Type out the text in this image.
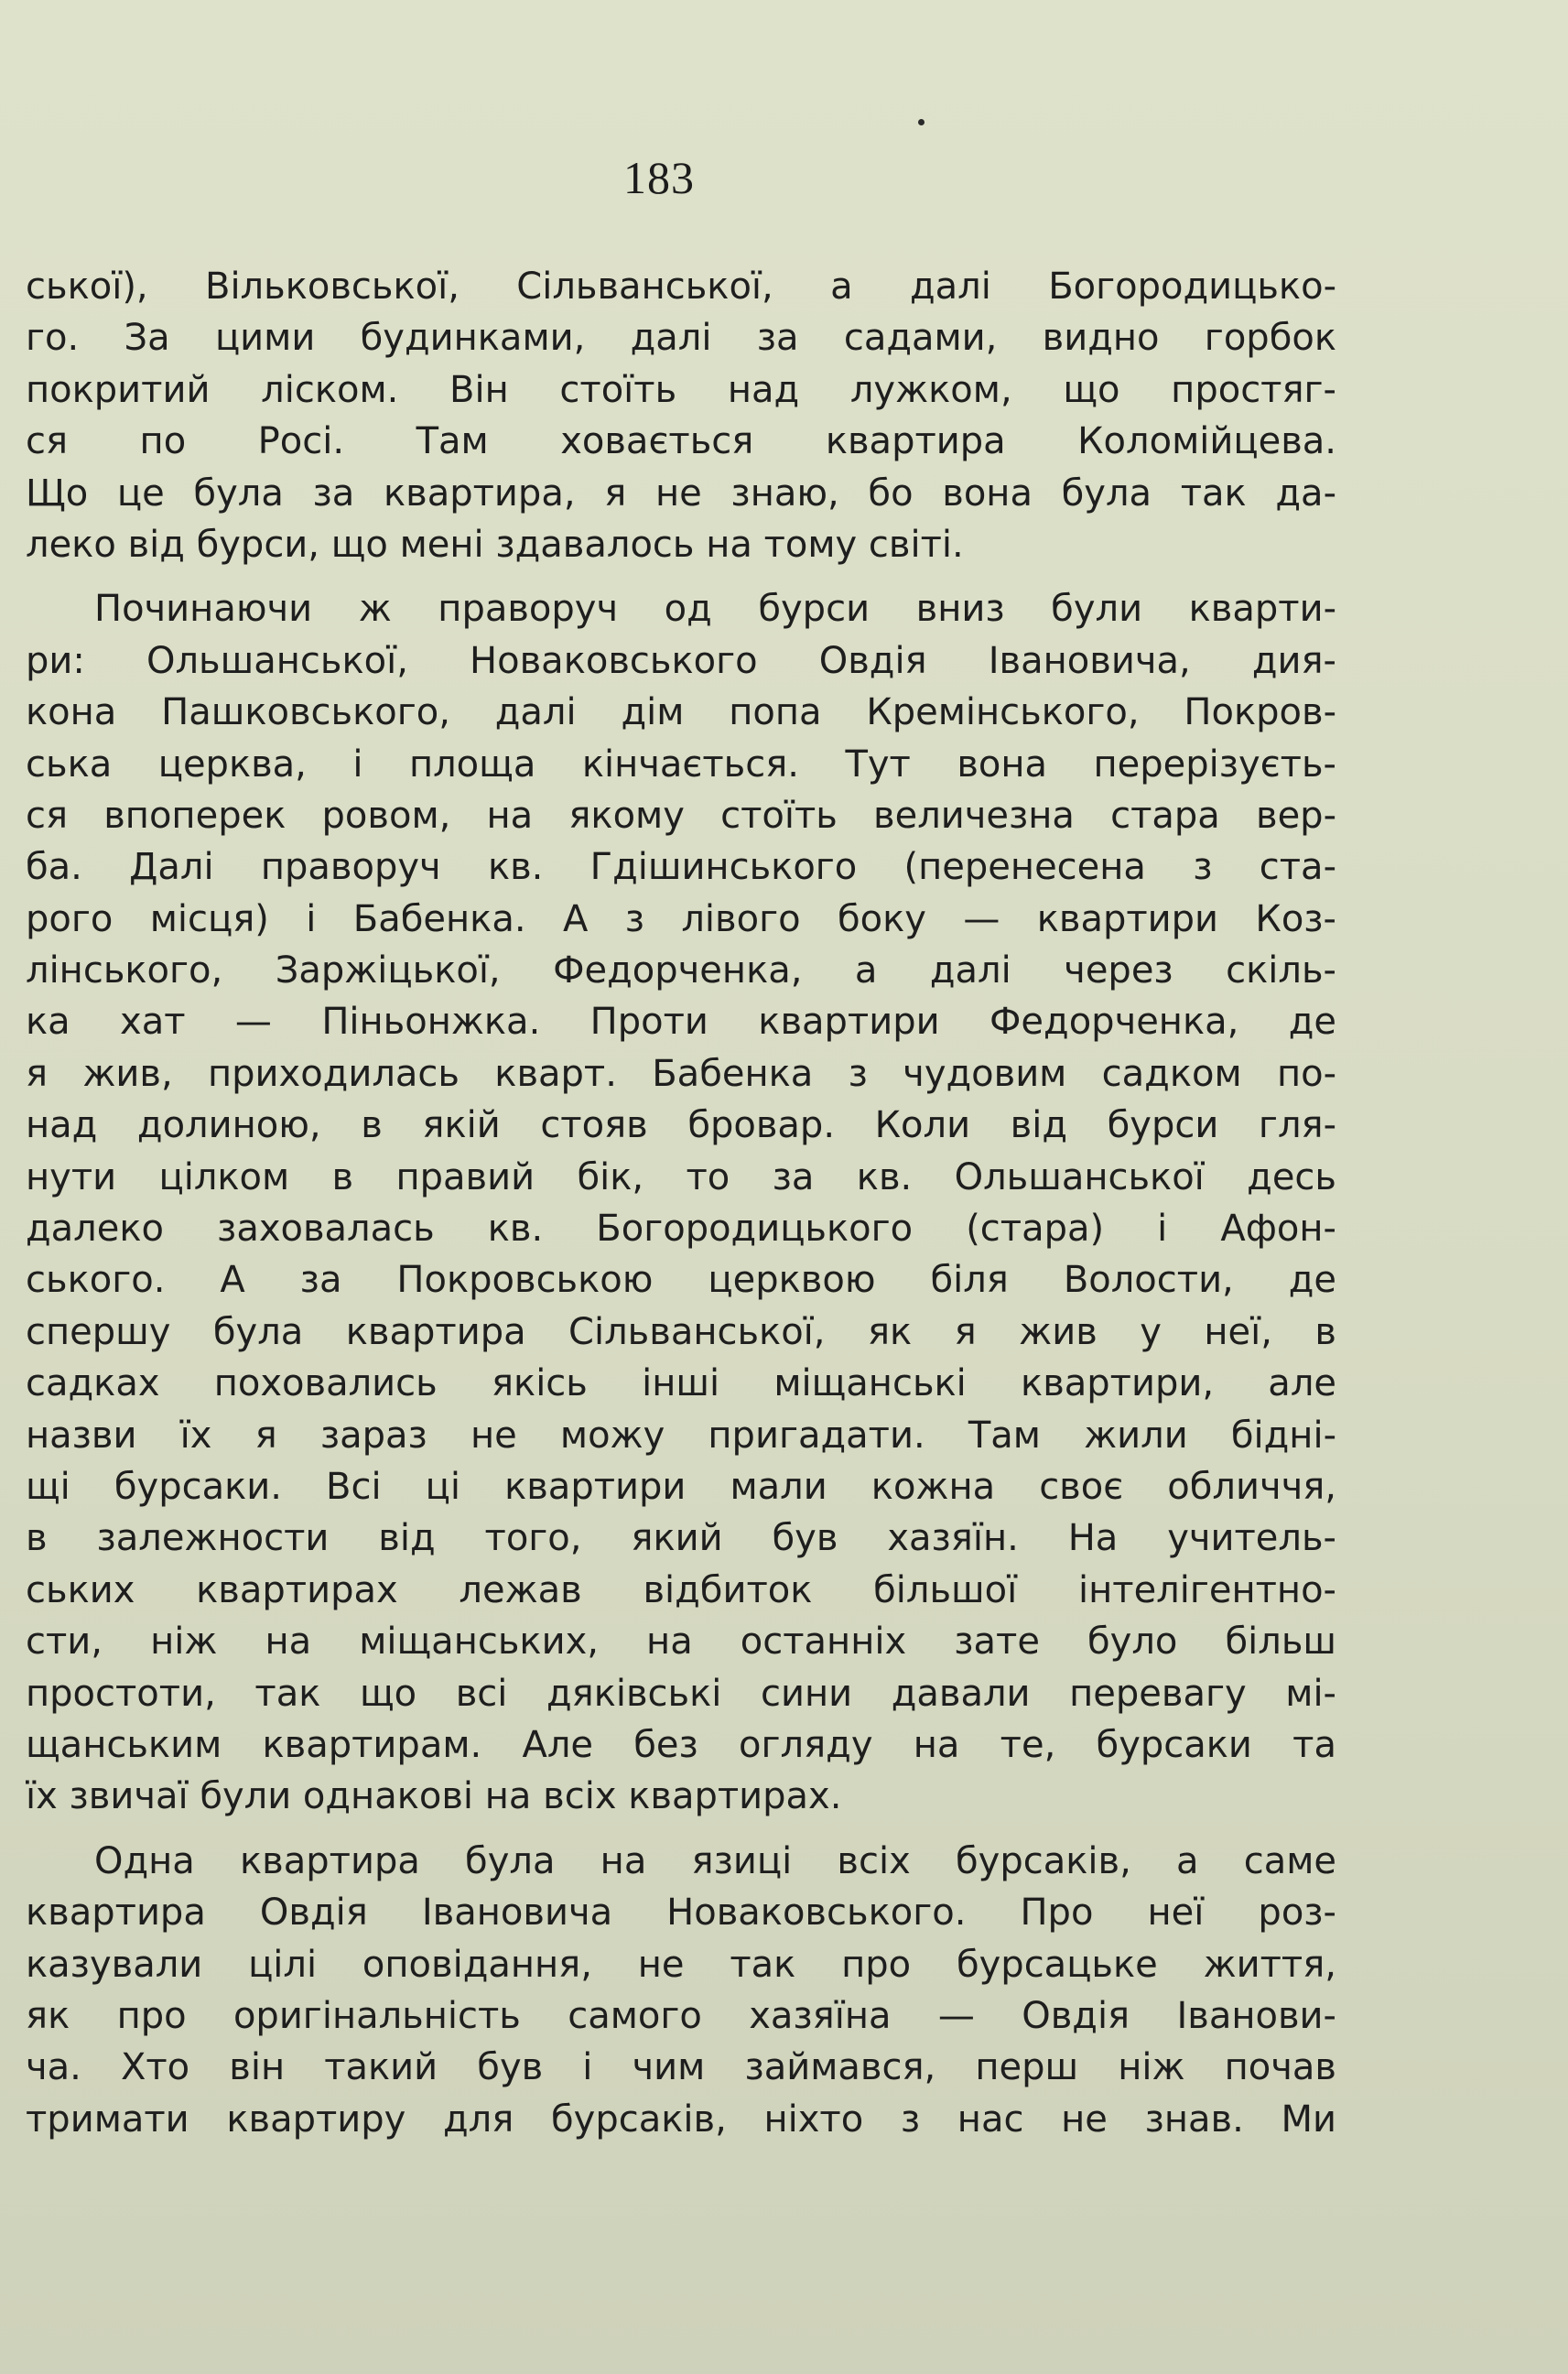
183
ської), Вільковської, Сільванської, а далі Богородицько-
го. За цими будинками, далі за садами, видно горбок
покритий ліском. Він стоїть над лужком, що простяг-
ся по Росі. Там ховається квартира Коломійцева.
Що це була за квартира, я не знаю, бо вона була так да-
леко від бурси, що мені здавалось на тому світі.
Починаючи ж праворуч од бурси вниз були кварти-
ри: Ольшанської, Новаковського Овдія Івановича, дия-
кона Пашковського, далі дім попа Кремінського, Покров-
ська церква, і площа кінчається. Тут вона перерізуєть-
ся впоперек ровом, на якому стоїть величезна стара вер-
ба. Далі праворуч кв. Гдішинського (перенесена з ста-
рого місця) і Бабенка. А з лівого боку — квартири Коз-
лінського, Заржіцької, Федорченка, а далі через скіль-
ка хат — Піньонжка. Проти квартири Федорченка, де
я жив, приходилась кварт. Бабенка з чудовим садком по-
над долиною, в якій стояв бровар. Коли від бурси гля-
нути цілком в правий бік, то за кв. Ольшанської десь
далеко заховалась кв. Богородицького (стара) і Афон-
ського. А за Покровською церквою біля Волости, де
спершу була квартира Сільванської, як я жив у неї, в
садках поховались якісь інші міщанські квартири, але
назви їх я зараз не можу пригадати. Там жили бідні-
щі бурсаки. Всі ці квартири мали кожна своє обличчя,
в залежности від того, який був хазяїн. На учитель-
ських квартирах лежав відбиток більшої інтелігентно-
сти, ніж на міщанських, на останніх зате було більш
простоти, так що всі дяківські сини давали перевагу мі-
щанським квартирам. Але без огляду на те, бурсаки та
їх звичаї були однакові на всіх квартирах.
Одна квартира була на язиці всіх бурсаків, а саме
квартира Овдія Івановича Новаковського. Про неї роз-
казували цілі оповідання, не так про бурсацьке життя,
як про оригінальність самого хазяїна — Овдія Іванови-
ча. Хто він такий був і чим займався, перш ніж почав
тримати квартиру для бурсаків, ніхто з нас не знав. Ми
